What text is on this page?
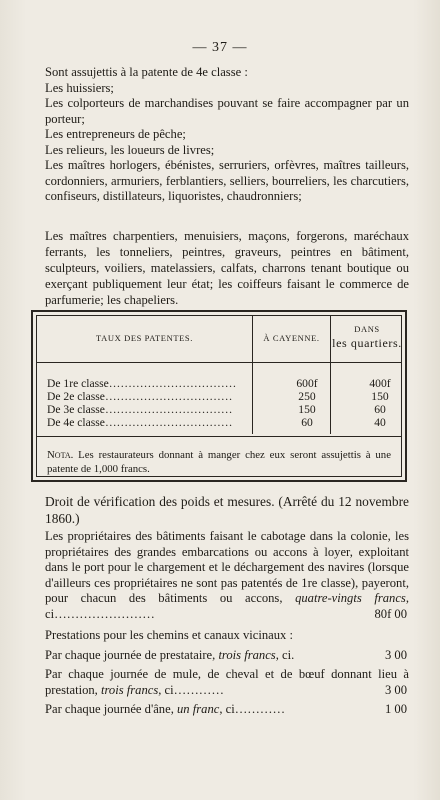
— 37 —

Sont assujettis à la patente de 4e classe :

Les huissiers;

Les colporteurs de marchandises pouvant se faire accompagner par un porteur;

Les entrepreneurs de pêche;

Les relieurs, les loueurs de livres;

Les maîtres horlogers, ébénistes, serruriers, orfèvres, maîtres tailleurs, cordonniers, armuriers, ferblantiers, selliers, bourreliers, les charcutiers, confiseurs, distillateurs, liquoristes, chaudronniers;

Les maîtres charpentiers, menuisiers, maçons, forgerons, maréchaux ferrants, les tonneliers, peintres, graveurs, peintres en bâtiment, sculpteurs, voiliers, matelassiers, calfats, charrons tenant boutique ou exerçant publiquement leur état; les coiffeurs faisant le commerce de parfumerie; les chapeliers.

TAUX DES PATENTES.	À CAYENNE.
DANS
les quartiers.
De 1re classe……………………………	600f	400f
De 2e classe……………………………	250	150
De 3e classe……………………………	150	60
De 4e classe……………………………	60	40
Nota. Les restaurateurs donnant à manger chez eux seront assujettis à une patente de 1,000 francs.

Droit de vérification des poids et mesures. (Arrêté du 12 novembre 1860.)

Les propriétaires des bâtiments faisant le cabotage dans la colonie, les propriétaires des grandes embarcations ou accons à loyer, exploitant dans le port pour le chargement et le déchargement des navires (lorsque d'ailleurs ces propriétaires ne sont pas patentés de 1re classe), payeront, pour chacun des bâtiments ou accons, quatre-vingts francs, ci……………………	80f 00

Prestations pour les chemins et canaux vicinaux :

Par chaque journée de prestataire, trois francs, ci.	3 00

Par chaque journée de mule, de cheval et de bœuf donnant lieu à prestation, trois francs, ci…………	3 00

Par chaque journée d'âne, un franc, ci…………	1 00
